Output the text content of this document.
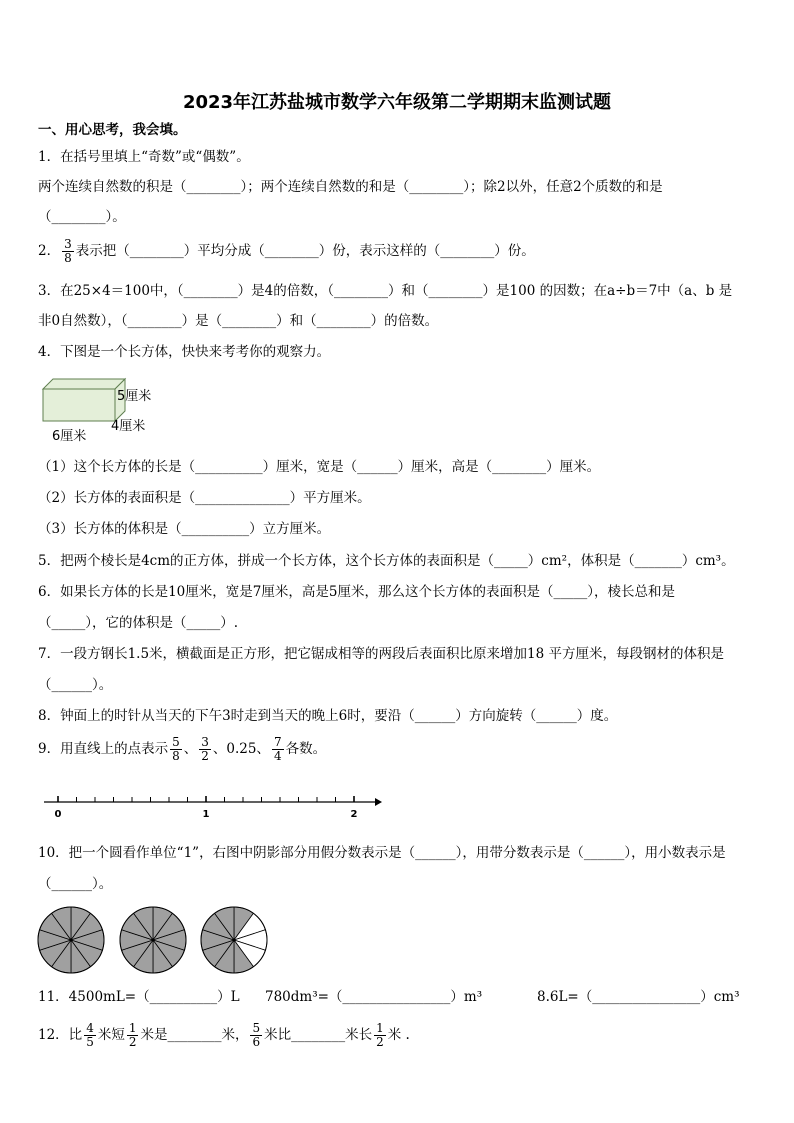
2023年江苏盐城市数学六年级第二学期期末监测试题
一、用心思考，我会填。
1．在括号里填上“奇数”或“偶数”。
两个连续自然数的积是（________）；两个连续自然数的和是（________）；除2以外，任意2个质数的和是
（________）。
2． $\frac{3}{8}$ 表示把（________）平均分成（________）份，表示这样的（________）份。
3．在25×4＝100中，（________）是4的倍数，（________）和（________）是100 的因数；在a÷b＝7中（a、b 是
非0自然数），（________）是（________）和（________）的倍数。
4．下图是一个长方体，快快来考考你的观察力。
5厘米
4厘米
6厘米
（1）这个长方体的长是（__________）厘米，宽是（______）厘米，高是（________）厘米。
（2）长方体的表面积是（______________）平方厘米。
（3）长方体的体积是（__________）立方厘米。
5．把两个棱长是4cm的正方体，拼成一个长方体，这个长方体的表面积是（_____）cm²，体积是（_______）cm³。
6．如果长方体的长是10厘米，宽是7厘米，高是5厘米，那么这个长方体的表面积是（_____），棱长总和是
（_____），它的体积是（_____）.
7．一段方钢长1.5米，横截面是正方形，把它锯成相等的两段后表面积比原来增加18 平方厘米，每段钢材的体积是
（______）。
8．钟面上的时针从当天的下午3时走到当天的晚上6时，要沿（______）方向旋转（______）度。
9．用直线上的点表示 $\frac{5}{8}$ 、 $\frac{3}{2}$ 、0.25、 $\frac{7}{4}$ 各数。
0	1	2
10．把一个圆看作单位“1”，右图中阴影部分用假分数表示是（______），用带分数表示是（______），用小数表示是
（______）。
11．4500mL=（__________）L 780dm³=（________________）m³	8.6L=（________________）cm³
12．比 $\frac{4}{5}$ 米短 $\frac{1}{2}$ 米是________米， $\frac{5}{6}$ 米比________米长 $\frac{1}{2}$ 米 .
